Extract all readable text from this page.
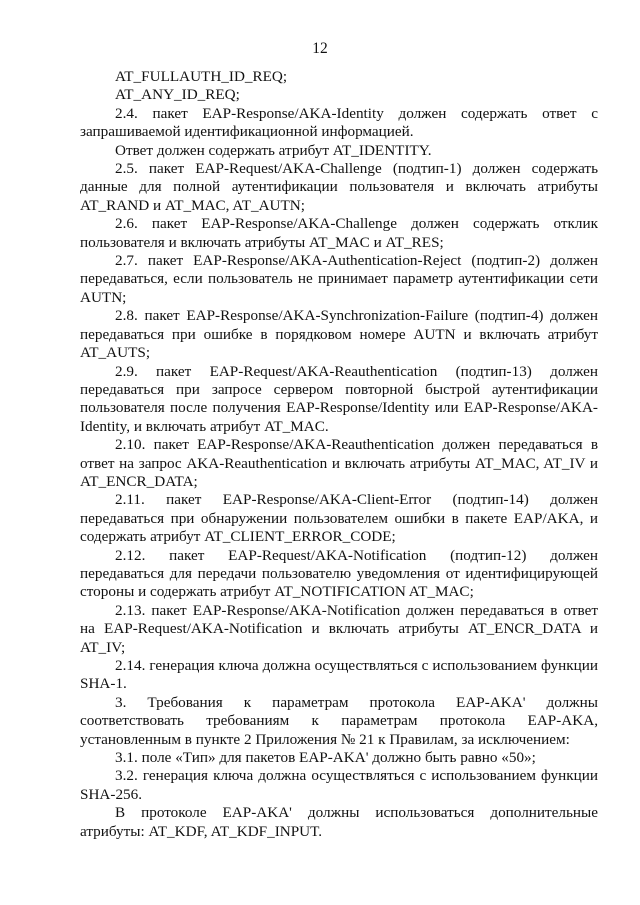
12

AT_FULLAUTH_ID_REQ;

AT_ANY_ID_REQ;

2.4. пакет EAP-Response/AKA-Identity должен содержать ответ с запрашиваемой идентификационной информацией.

Ответ должен содержать атрибут AT_IDENTITY.

2.5. пакет EAP-Request/AKA-Challenge (подтип-1) должен содержать данные для полной аутентификации пользователя и включать атрибуты AT_RAND и AT_MAC, AT_AUTN;

2.6. пакет EAP-Response/AKA-Challenge должен содержать отклик пользователя и включать атрибуты AT_MAC и AT_RES;

2.7. пакет EAP-Response/AKA-Authentication-Reject (подтип-2) должен передаваться, если пользователь не принимает параметр аутентификации сети AUTN;

2.8. пакет EAP-Response/AKA-Synchronization-Failure (подтип-4) должен передаваться при ошибке в порядковом номере AUTN и включать атрибут AT_AUTS;

2.9. пакет EAP-Request/AKA-Reauthentication (подтип-13) должен передаваться при запросе сервером повторной быстрой аутентификации пользователя после получения EAP-Response/Identity или EAP-Response/AKA-Identity, и включать атрибут AT_MAC.

2.10. пакет EAP-Response/AKA-Reauthentication должен передаваться в ответ на запрос AKA-Reauthentication и включать атрибуты AT_MAC, AT_IV и AT_ENCR_DATA;

2.11. пакет EAP-Response/AKA-Client-Error (подтип-14) должен передаваться при обнаружении пользователем ошибки в пакете EAP/AKA, и содержать атрибут AT_CLIENT_ERROR_CODE;

2.12. пакет EAP-Request/AKA-Notification (подтип-12) должен передаваться для передачи пользователю уведомления от идентифицирующей стороны и содержать атрибут AT_NOTIFICATION AT_MAC;

2.13. пакет EAP-Response/AKA-Notification должен передаваться в ответ на EAP-Request/AKA-Notification и включать атрибуты AT_ENCR_DATA и AT_IV;

2.14. генерация ключа должна осуществляться с использованием функции SHA-1.

3. Требования к параметрам протокола EAP-AKA' должны соответствовать требованиям к параметрам протокола EAP-AKA, установленным в пункте 2 Приложения № 21 к Правилам, за исключением:

3.1. поле «Тип» для пакетов EAP-AKA' должно быть равно «50»;

3.2. генерация ключа должна осуществляться с использованием функции SHA-256.

В протоколе EAP-AKA' должны использоваться дополнительные атрибуты: AT_KDF, AT_KDF_INPUT.
